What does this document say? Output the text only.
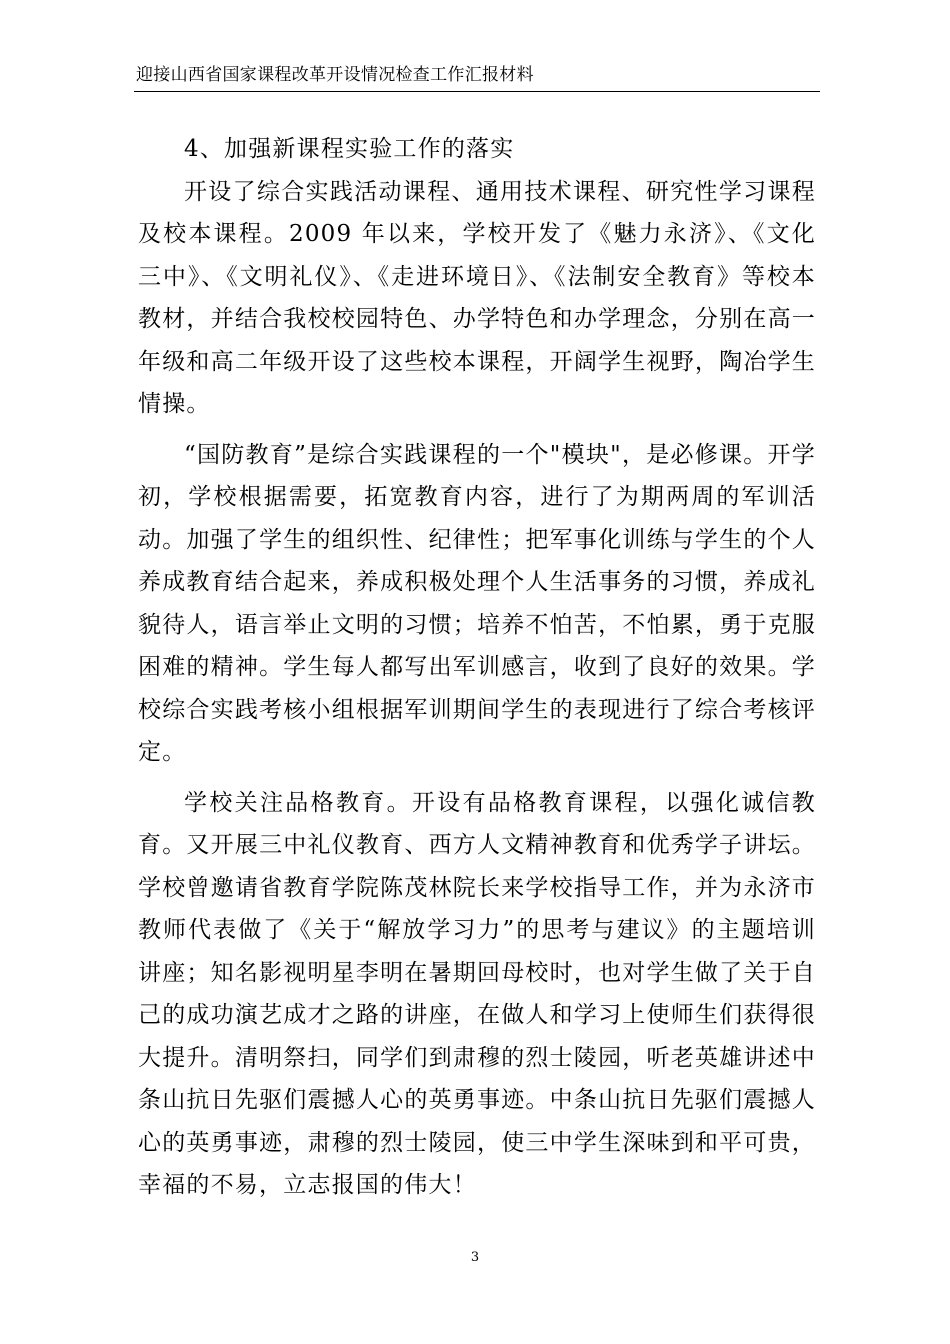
迎接山西省国家课程改革开设情况检查工作汇报材料

4、加强新课程实验工作的落实

开设了综合实践活动课程、通用技术课程、研究性学习课程及校本课程。2009 年以来，学校开发了《魅力永济》、《文化三中》、《文明礼仪》、《走进环境日》、《法制安全教育》等校本教材，并结合我校校园特色、办学特色和办学理念，分别在高一年级和高二年级开设了这些校本课程，开阔学生视野，陶冶学生情操。

“国防教育”是综合实践课程的一个"模块"，是必修课。开学初，学校根据需要，拓宽教育内容，进行了为期两周的军训活动。加强了学生的组织性、纪律性；把军事化训练与学生的个人养成教育结合起来，养成积极处理个人生活事务的习惯，养成礼貌待人，语言举止文明的习惯；培养不怕苦，不怕累，勇于克服困难的精神。学生每人都写出军训感言，收到了良好的效果。学校综合实践考核小组根据军训期间学生的表现进行了综合考核评定。

学校关注品格教育。开设有品格教育课程，以强化诚信教育。又开展三中礼仪教育、西方人文精神教育和优秀学子讲坛。学校曾邀请省教育学院陈茂林院长来学校指导工作，并为永济市教师代表做了《关于“解放学习力”的思考与建议》的主题培训讲座；知名影视明星李明在暑期回母校时，也对学生做了关于自己的成功演艺成才之路的讲座，在做人和学习上使师生们获得很大提升。清明祭扫，同学们到肃穆的烈士陵园，听老英雄讲述中条山抗日先驱们震撼人心的英勇事迹。中条山抗日先驱们震撼人心的英勇事迹，肃穆的烈士陵园，使三中学生深味到和平可贵，幸福的不易，立志报国的伟大！

3
